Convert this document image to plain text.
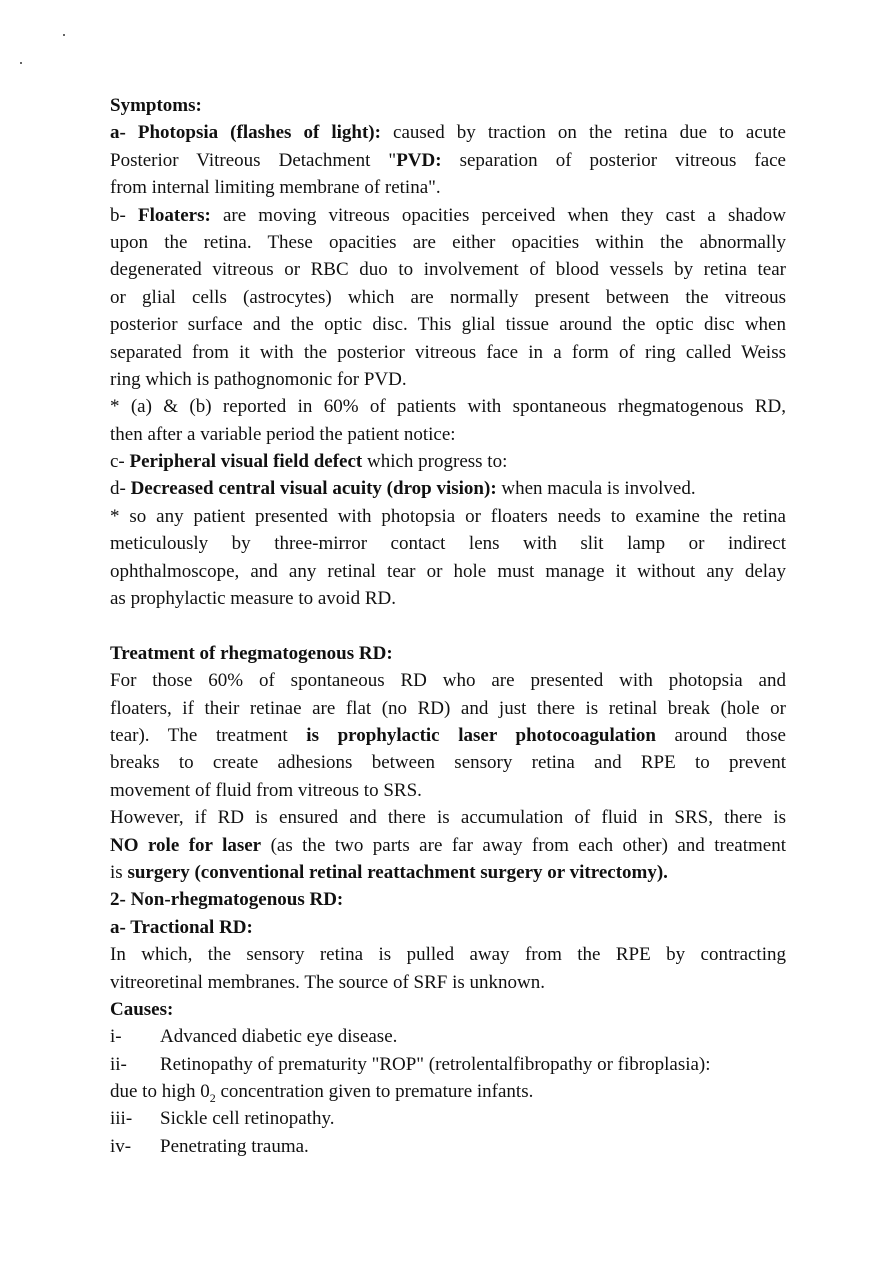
Symptoms:
a- Photopsia (flashes of light): caused by traction on the retina due to acute
Posterior Vitreous Detachment "PVD: separation of posterior vitreous face
from internal limiting membrane of retina".
b- Floaters: are moving vitreous opacities perceived when they cast a shadow
upon the retina. These opacities are either opacities within the abnormally
degenerated vitreous or RBC duo to involvement of blood vessels by retina tear
or glial cells (astrocytes) which are normally present between the vitreous
posterior surface and the optic disc. This glial tissue around the optic disc when
separated from it with the posterior vitreous face in a form of ring called Weiss
ring which is pathognomonic for PVD.
* (a) & (b) reported in 60% of patients with spontaneous rhegmatogenous RD,
then after a variable period the patient notice:
c- Peripheral visual field defect which progress to:
d- Decreased central visual acuity (drop vision): when macula is involved.
* so any patient presented with photopsia or floaters needs to examine the retina
meticulously by three-mirror contact lens with slit lamp or indirect
ophthalmoscope, and any retinal tear or hole must manage it without any delay
as prophylactic measure to avoid RD.
Treatment of rhegmatogenous RD:
For those 60% of spontaneous RD who are presented with photopsia and
floaters, if their retinae are flat (no RD) and just there is retinal break (hole or
tear). The treatment is prophylactic laser photocoagulation around those
breaks to create adhesions between sensory retina and RPE to prevent
movement of fluid from vitreous to SRS.
However, if RD is ensured and there is accumulation of fluid in SRS, there is
NO role for laser (as the two parts are far away from each other) and treatment
is surgery (conventional retinal reattachment surgery or vitrectomy).
2- Non-rhegmatogenous RD:
a- Tractional RD:
In which, the sensory retina is pulled away from the RPE by contracting
vitreoretinal membranes. The source of SRF is unknown.
Causes:
i-	Advanced diabetic eye disease.
ii-	Retinopathy of prematurity "ROP" (retrolentalfibropathy or fibroplasia):
due to high $0_2$ concentration given to premature infants.
iii-	Sickle cell retinopathy.
iv-	Penetrating trauma.
